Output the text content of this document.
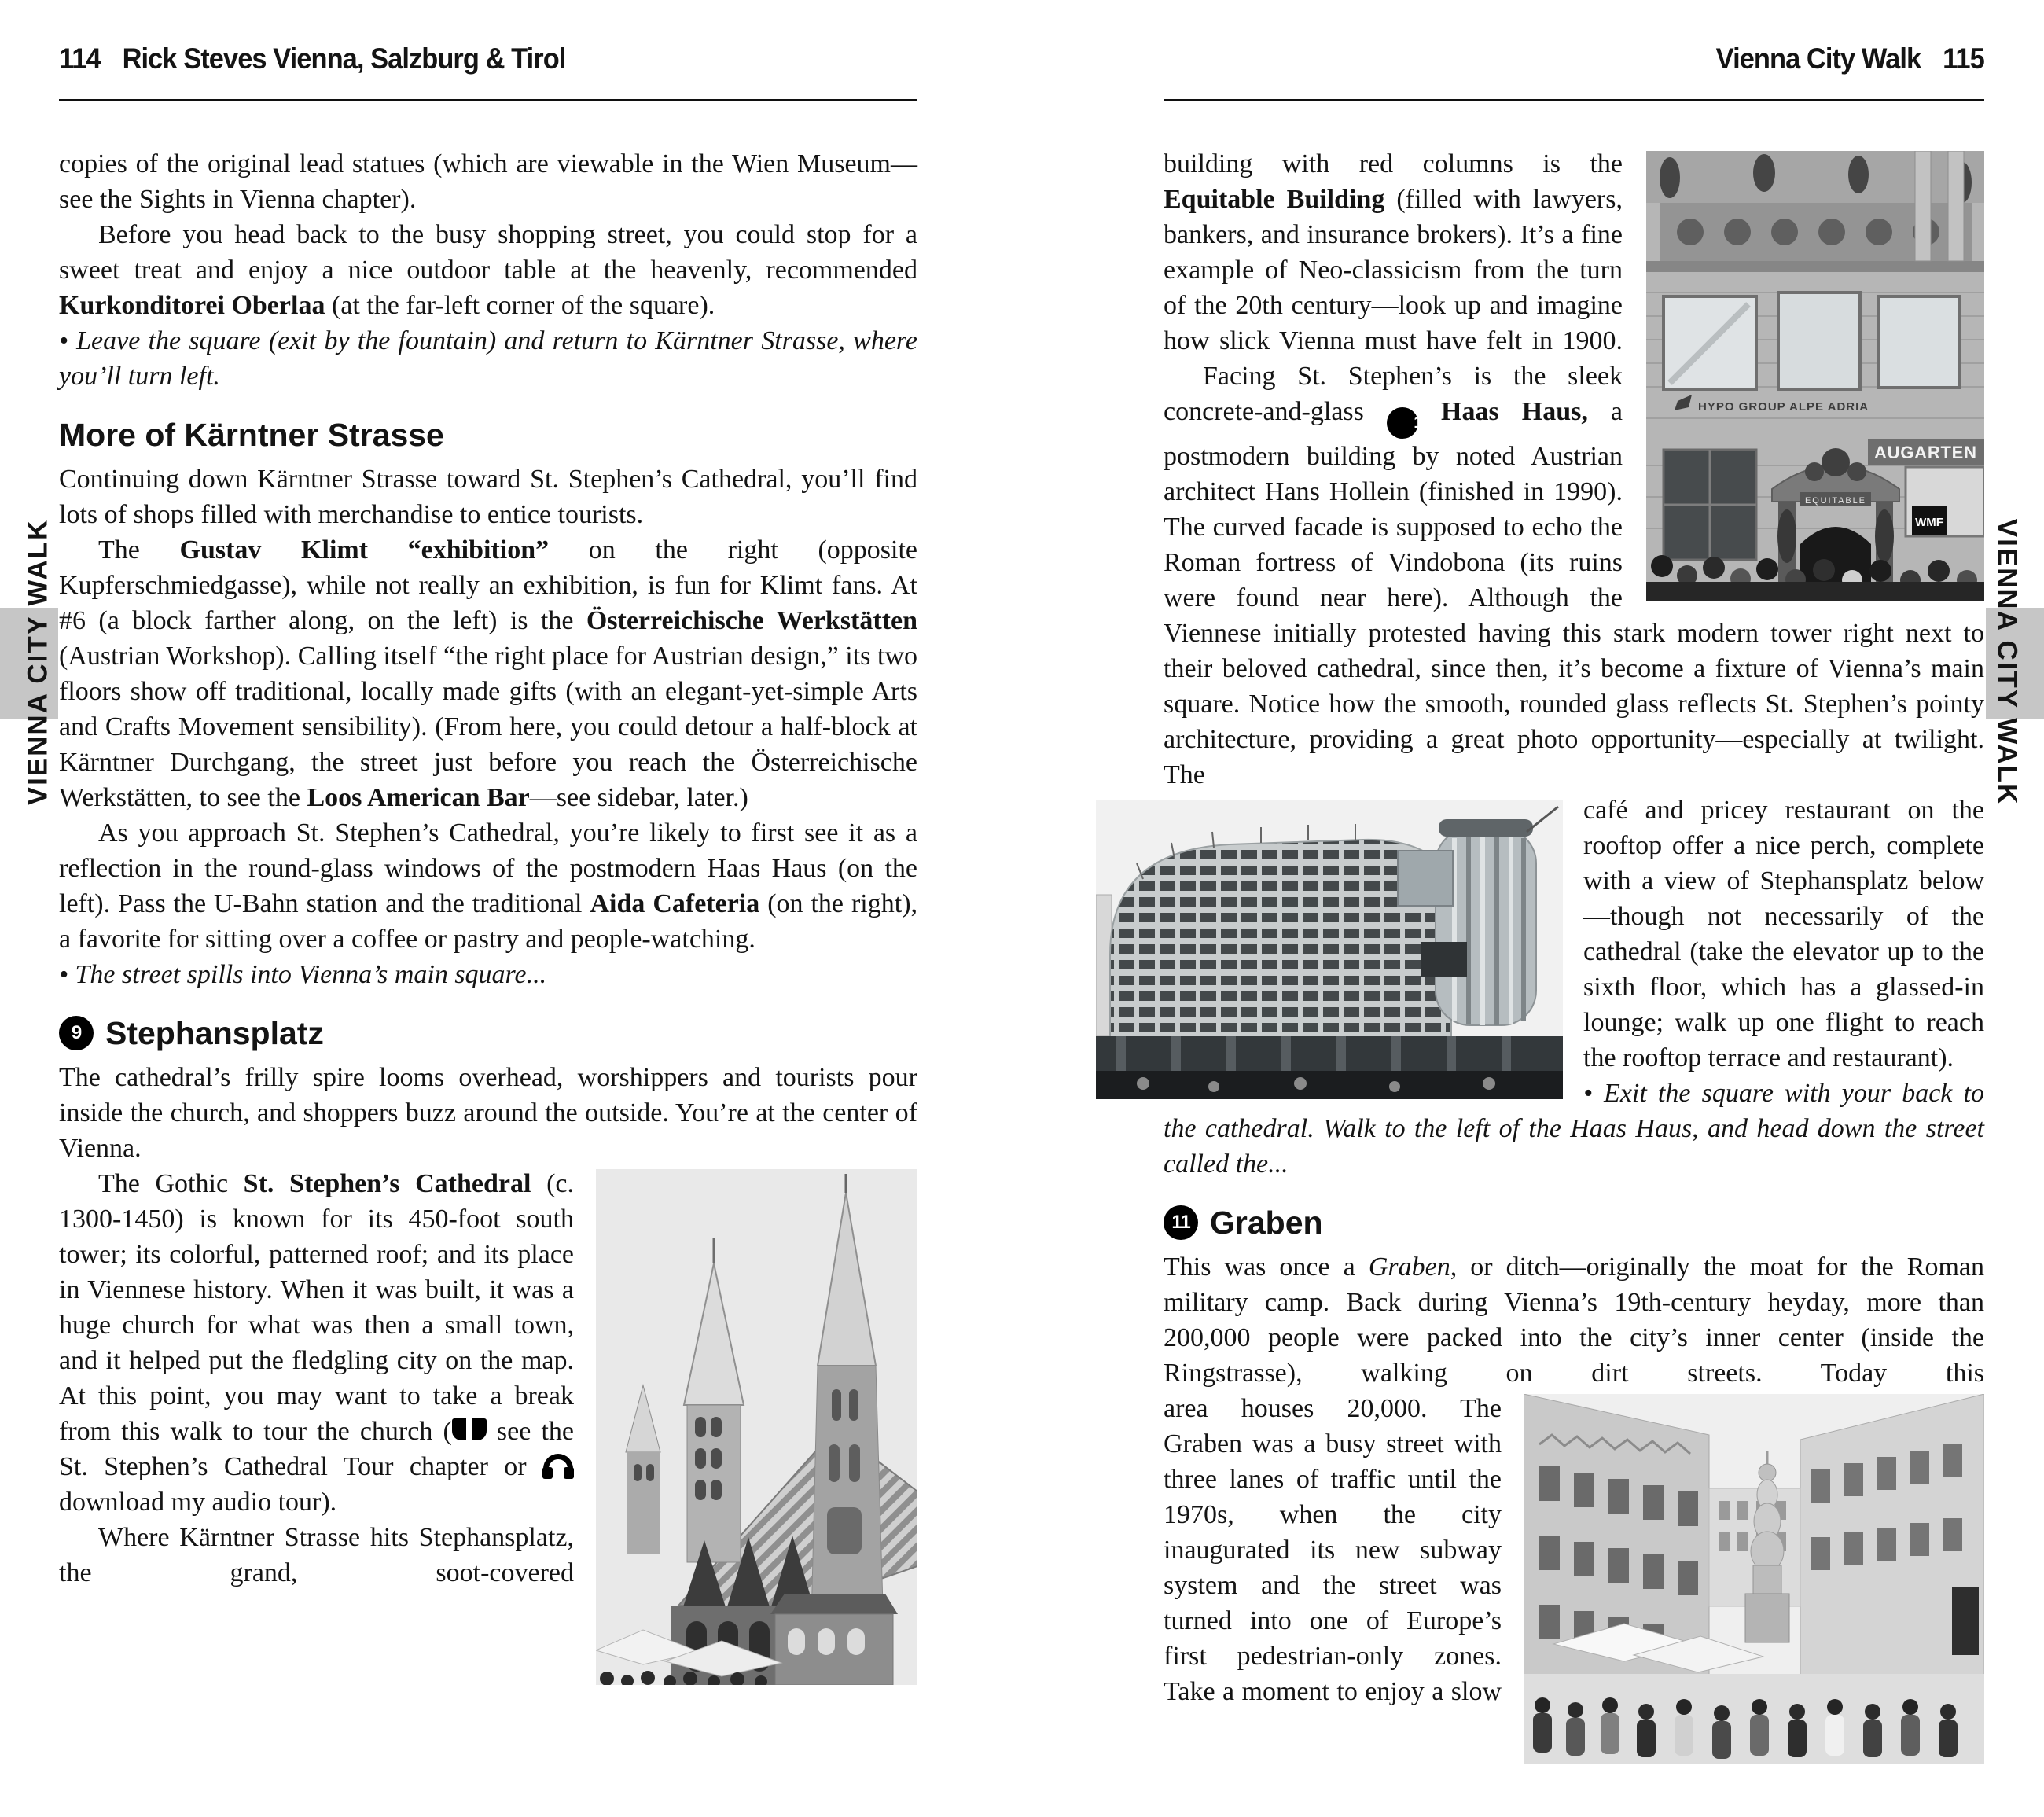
114 Rick Steves Vienna, Salzburg & Tirol	Vienna City Walk 115
VIENNA CITY WALK	VIENNA CITY WALK

copies of the original lead statues (which are viewable in the Wien Museum—see the Sights in Vienna chapter).

Before you head back to the busy shopping street, you could stop for a sweet treat and enjoy a nice outdoor table at the heavenly, recommended Kurkonditorei Oberlaa (at the far-left corner of the square).

• Leave the square (exit by the fountain) and return to Kärntner Strasse, where you’ll turn left.

More of Kärntner Strasse

Continuing down Kärntner Strasse toward St. Stephen’s Cathedral, you’ll find lots of shops filled with merchandise to entice tourists.

The Gustav Klimt “exhibition” on the right (opposite Kupferschmiedgasse), while not really an exhibition, is fun for Klimt fans. At #6 (a block farther along, on the left) is the Österreichische Werkstätten (Austrian Workshop). Calling itself “the right place for Austrian design,” its two floors show off traditional, locally made gifts (with an elegant-yet-simple Arts and Crafts Movement sensibility). (From here, you could detour a half-block at Kärntner Durchgang, the street just before you reach the Österreichische Werkstätten, to see the Loos American Bar—see sidebar, later.)

As you approach St. Stephen’s Cathedral, you’re likely to first see it as a reflection in the round-glass windows of the postmodern Haas Haus (on the left). Pass the U-Bahn station and the traditional Aida Cafeteria (on the right), a favorite for sitting over a coffee or pastry and people-watching.

• The street spills into Vienna’s main square...

9 Stephansplatz

The cathedral’s frilly spire looms overhead, worshippers and tourists pour inside the church, and shoppers buzz around the outside. You’re at the center of Vienna.

The Gothic St. Stephen’s Cathedral (c. 1300-1450) is known for its 450-foot south tower; its colorful, patterned roof; and its place in Viennese history. When it was built, it was a huge church for what was then a small town, and it helped put the fledgling city on the map. At this point, you may want to take a break from this walk to tour the church ( see the St. Stephen’s Cathedral Tour chapter or  download my audio tour).

Where Kärntner Strasse hits Stephansplatz, the grand, soot-covered

HYPO GROUP ALPE ADRIA
AUGARTEN
EQUITABLE
WMF

building with red columns is the Equitable Building (filled with lawyers, bankers, and insurance brokers). It’s a fine example of Neo-classicism from the turn of the 20th century—look up and imagine how slick Vienna must have felt in 1900.

Facing St. Stephen’s is the sleek concrete-and-glass 10 Haas Haus, a postmodern building by noted Austrian architect Hans Hollein (finished in 1990). The curved facade is supposed to echo the Roman fortress of Vindobona (its ruins were found near here). Although the Viennese initially protested having this stark modern tower right next to their beloved cathedral, since then, it’s become a fixture of Vienna’s main square. Notice how the smooth, rounded glass reflects St. Stephen’s pointy architecture, providing a great photo opportunity—especially at twilight. The

café and pricey restaurant on the rooftop offer a nice perch, complete with a view of Stephansplatz below—though not necessarily of the cathedral (take the elevator up to the sixth floor, which has a glassed-in lounge; walk up one flight to reach the rooftop terrace and restaurant).

• Exit the square with your back to the cathedral. Walk to the left of the Haas Haus, and head down the street called the...

11 Graben

This was once a Graben, or ditch—originally the moat for the Roman military camp. Back during Vienna’s 19th-century heyday, more than 200,000 people were packed into the city’s inner center (inside the Ringstrasse), walking on dirt streets. Today this

area houses 20,000. The Graben was a busy street with three lanes of traffic until the 1970s, when the city inaugurated its new subway system and the street was turned into one of Europe’s first pedestrian-only zones. Take a moment to enjoy a slow
